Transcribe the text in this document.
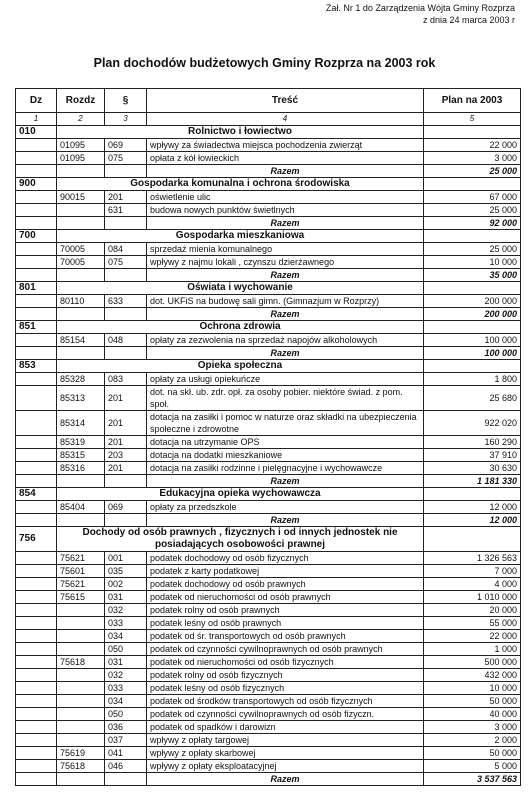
Zał. Nr 1 do Zarządzenia Wójta Gminy Rozprza
z dnia 24 marca 2003 r
Plan dochodów budżetowych Gminy Rozprza na 2003 rok
Dz	Rozdz	§	Treść	Plan na 2003
1	2	3	4	5
010	Rolnictwo i łowiectwo			
	01095	069	wpływy za świadectwa miejsca pochodzenia zwierząt	22 000
	01095	075	opłata z kół łowieckich	3 000
			Razem	25 000
900	Gospodarka komunalna i ochrona środowiska			
	90015	201	oświetlenie ulic	67 000
		631	budowa nowych punktów świetlnych	25 000
			Razem	92 000
700	Gospodarka mieszkaniowa			
	70005	084	sprzedaż mienia komunalnego	25 000
	70005	075	wpływy z najmu lokali , czynszu dzierżawnego	10 000
			Razem	35 000
801	Oświata i wychowanie			
	80110	633	dot. UKFiS na budowę sali gimn. (Gimnazjum w Rozprzy)	200 000
			Razem	200 000
851	Ochrona zdrowia			
	85154	048	opłaty za zezwolenia na sprzedaż napojów alkoholowych	100 000
			Razem	100 000
853	Opieka społeczna			
	85328	083	opłaty za usługi opiekuńcze	1 800
	85313	201	dot. na skł. ub. zdr. opł. za osoby pobier. niektóre świad. z pom. społ.	25 680
	85314	201	dotacja na zasiłki i pomoc w naturze oraz składki na ubezpieczenia społeczne i zdrowotne	922 020
	85319	201	dotacja na utrzymanie OPS	160 290
	85315	203	dotacja na dodatki mieszkaniowe	37 910
	85316	201	dotacja na zasiłki rodzinne i pielęgnacyjne i wychowawcze	30 630
			Razem	1 181 330
854	Edukacyjna opieka wychowawcza			
	85404	069	opłaty za przedszkole	12 000
			Razem	12 000
756	Dochody od osób prawnych , fizycznych i od innych jednostek nie posiadających osobowości prawnej			
	75621	001	podatek dochodowy od osób fizycznych	1 326 563
	75601	035	podatek z karty podatkowej	7 000
	75621	002	podatek dochodowy od osób prawnych	4 000
	75615	031	podatek od nieruchomości od osób prawnych	1 010 000
		032	podatek rolny od osób prawnych	20 000
		033	podatek leśny od osób prawnych	55 000
		034	podatek od śr. transportowych od osób prawnych	22 000
		050	podatek od czynności cywilnoprawnych od osób prawnych	1 000
	75618	031	podatek od nieruchomości od osób fizycznych	500 000
		032	podatek rolny od osób fizycznych	432 000
		033	podatek leśny od osób fizycznych	10 000
		034	podatek od środków transportowych od osób fizycznych	50 000
		050	podatek od czynności cywilnoprawnych od osób fizyczn.	40 000
		036	podatek od spadków i darowizn	3 000
		037	wpływy z opłaty targowej	2 000
	75619	041	wpływy z opłaty skarbowej	50 000
	75618	046	wpływy z opłaty eksploatacyjnej	5 000
			Razem	3 537 563
